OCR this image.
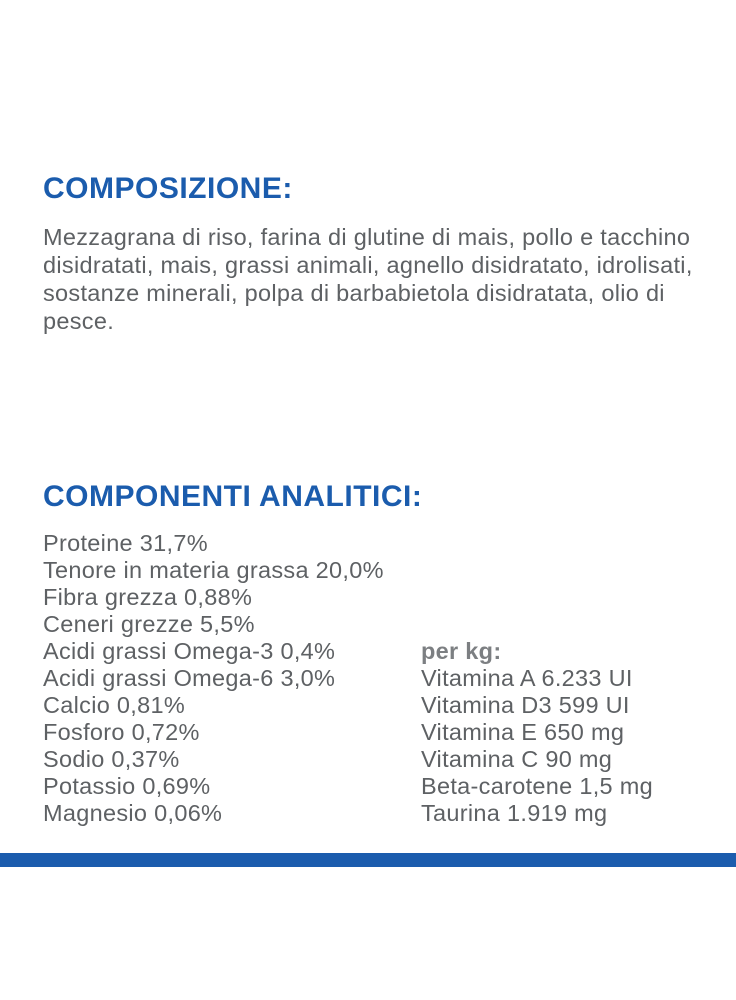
COMPOSIZIONE:

Mezzagrana di riso, farina di glutine di mais, pollo e tacchino disidratati, mais, grassi animali, agnello disidratato, idrolisati, sostanze minerali, polpa di barbabietola disidratata, olio di pesce.

COMPONENTI ANALITICI:
Proteine 31,7%
Tenore in materia grassa 20,0%
Fibra grezza 0,88%
Ceneri grezze 5,5%
Acidi grassi Omega-3 0,4%
Acidi grassi Omega-6 3,0%
Calcio 0,81%
Fosforo 0,72%
Sodio 0,37%
Potassio 0,69%
Magnesio 0,06%
per kg:
Vitamina A 6.233 UI
Vitamina D3 599 UI
Vitamina E 650 mg
Vitamina C 90 mg
Beta-carotene 1,5 mg
Taurina 1.919 mg
